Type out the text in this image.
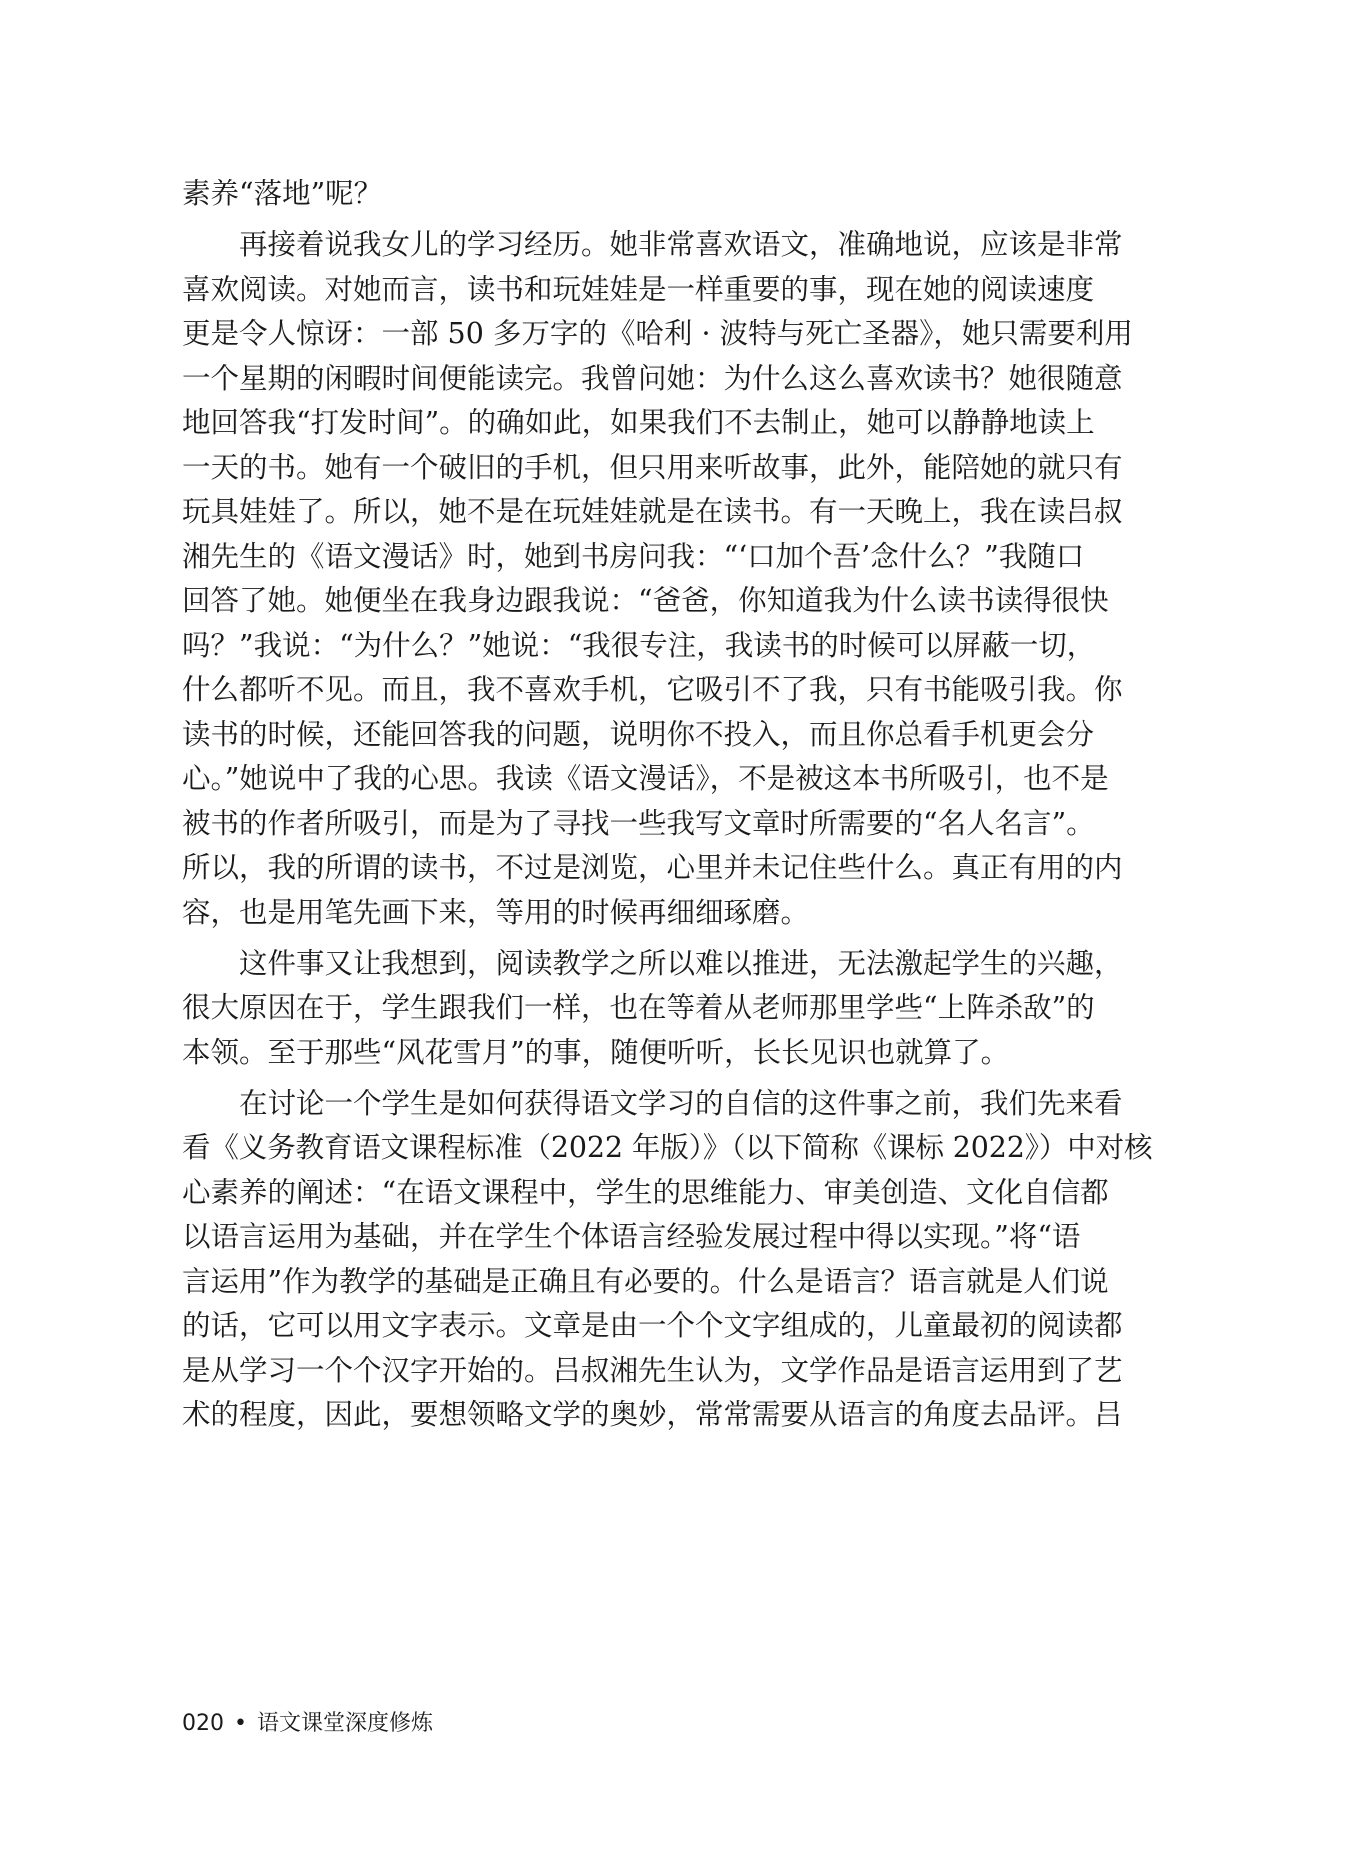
素养“落地”呢？
　　再接着说我女儿的学习经历。她非常喜欢语文，准确地说，应该是非常
喜欢阅读。对她而言，读书和玩娃娃是一样重要的事，现在她的阅读速度
更是令人惊讶：一部 50 多万字的《哈利 · 波特与死亡圣器》，她只需要利用
一个星期的闲暇时间便能读完。我曾问她：为什么这么喜欢读书？她很随意
地回答我“打发时间”。的确如此，如果我们不去制止，她可以静静地读上
一天的书。她有一个破旧的手机，但只用来听故事，此外，能陪她的就只有
玩具娃娃了。所以，她不是在玩娃娃就是在读书。有一天晚上，我在读吕叔
湘先生的《语文漫话》时，她到书房问我：“‘口加个吾’念什么？”我随口
回答了她。她便坐在我身边跟我说：“爸爸，你知道我为什么读书读得很快
吗？”我说：“为什么？”她说：“我很专注，我读书的时候可以屏蔽一切，
什么都听不见。而且，我不喜欢手机，它吸引不了我，只有书能吸引我。你
读书的时候，还能回答我的问题，说明你不投入，而且你总看手机更会分
心。”她说中了我的心思。我读《语文漫话》，不是被这本书所吸引，也不是
被书的作者所吸引，而是为了寻找一些我写文章时所需要的“名人名言”。
所以，我的所谓的读书，不过是浏览，心里并未记住些什么。真正有用的内
容，也是用笔先画下来，等用的时候再细细琢磨。
　　这件事又让我想到，阅读教学之所以难以推进，无法激起学生的兴趣，
很大原因在于，学生跟我们一样，也在等着从老师那里学些“上阵杀敌”的
本领。至于那些“风花雪月”的事，随便听听，长长见识也就算了。
　　在讨论一个学生是如何获得语文学习的自信的这件事之前，我们先来看
看《义务教育语文课程标准（2022 年版）》（以下简称《课标 2022》）中对核
心素养的阐述：“在语文课程中，学生的思维能力、审美创造、文化自信都
以语言运用为基础，并在学生个体语言经验发展过程中得以实现。”将“语
言运用”作为教学的基础是正确且有必要的。什么是语言？语言就是人们说
的话，它可以用文字表示。文章是由一个个文字组成的，儿童最初的阅读都
是从学习一个个汉字开始的。吕叔湘先生认为，文学作品是语言运用到了艺
术的程度，因此，要想领略文学的奥妙，常常需要从语言的角度去品评。吕
020 • 语文课堂深度修炼
